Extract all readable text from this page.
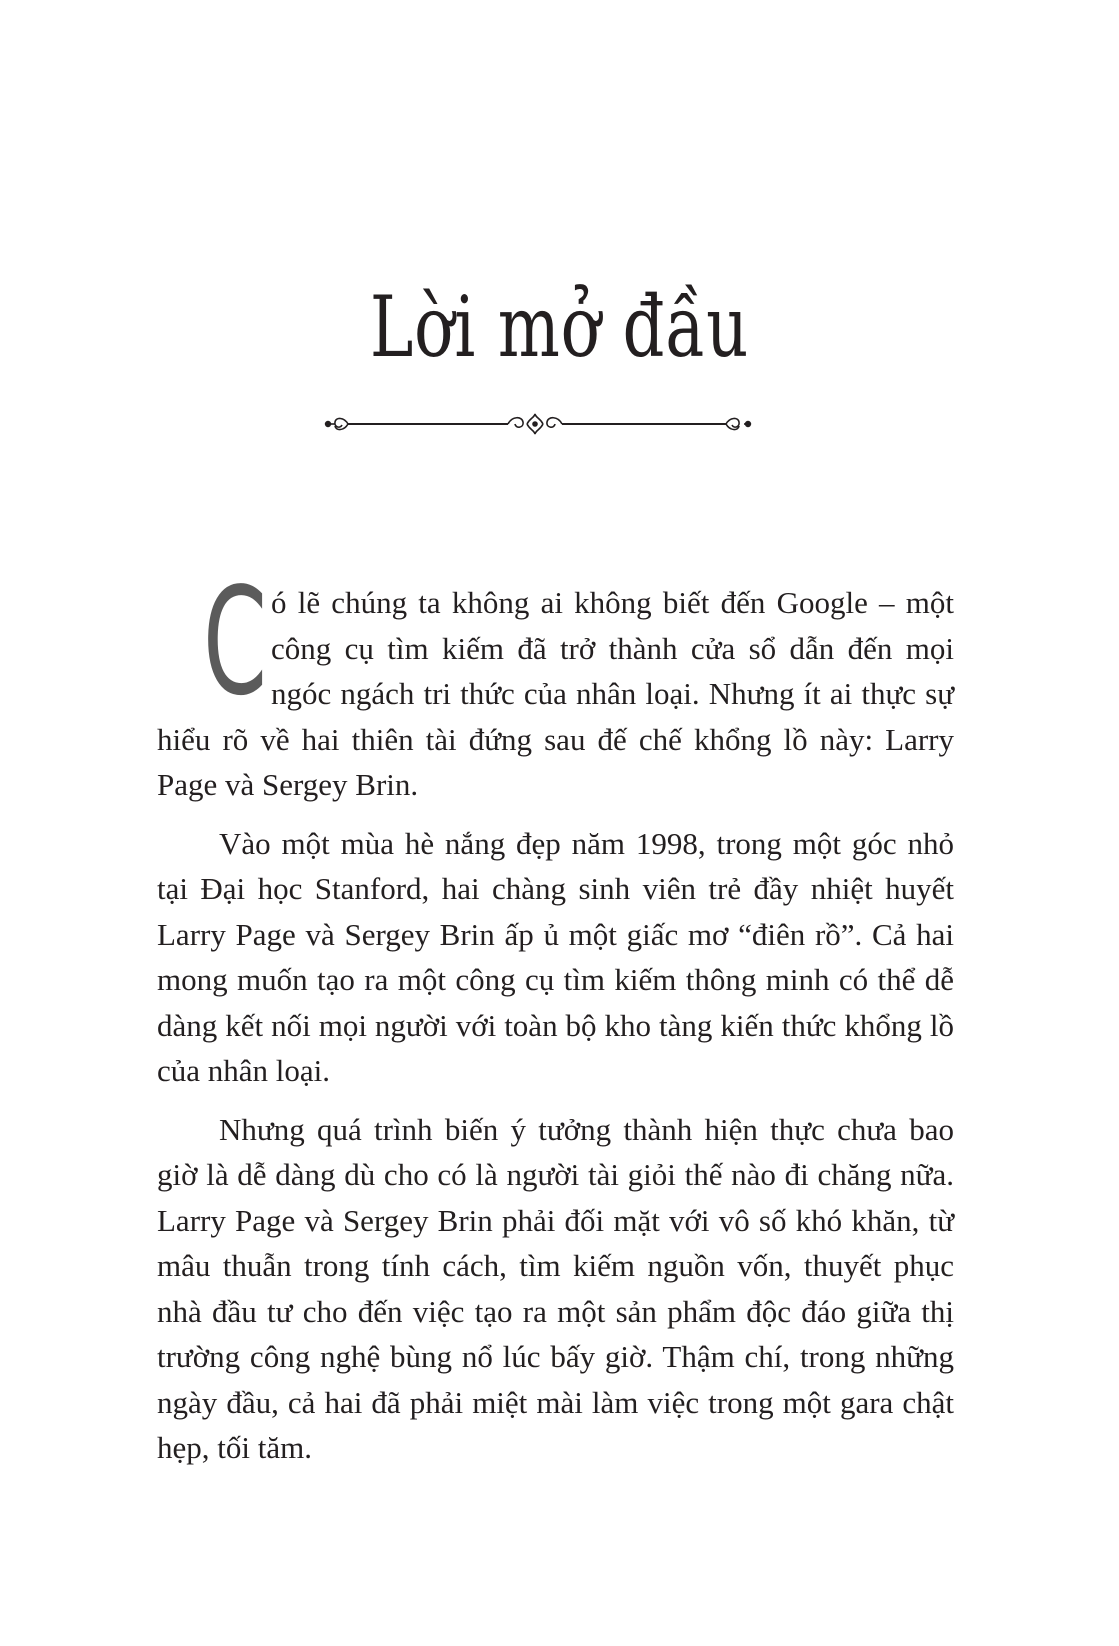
Lời mở đầu

Có lẽ chúng ta không ai không biết đến Google – một công cụ tìm kiếm đã trở thành cửa sổ dẫn đến mọi ngóc ngách tri thức của nhân loại. Nhưng ít ai thực sự hiểu rõ về hai thiên tài đứng sau đế chế khổng lồ này: Larry Page và Sergey Brin.

Vào một mùa hè nắng đẹp năm 1998, trong một góc nhỏ tại Đại học Stanford, hai chàng sinh viên trẻ đầy nhiệt huyết Larry Page và Sergey Brin ấp ủ một giấc mơ “điên rồ”. Cả hai mong muốn tạo ra một công cụ tìm kiếm thông minh có thể dễ dàng kết nối mọi người với toàn bộ kho tàng kiến thức khổng lồ của nhân loại.

Nhưng quá trình biến ý tưởng thành hiện thực chưa bao giờ là dễ dàng dù cho có là người tài giỏi thế nào đi chăng nữa. Larry Page và Sergey Brin phải đối mặt với vô số khó khăn, từ mâu thuẫn trong tính cách, tìm kiếm nguồn vốn, thuyết phục nhà đầu tư cho đến việc tạo ra một sản phẩm độc đáo giữa thị trường công nghệ bùng nổ lúc bấy giờ. Thậm chí, trong những ngày đầu, cả hai đã phải miệt mài làm việc trong một gara chật hẹp, tối tăm.
